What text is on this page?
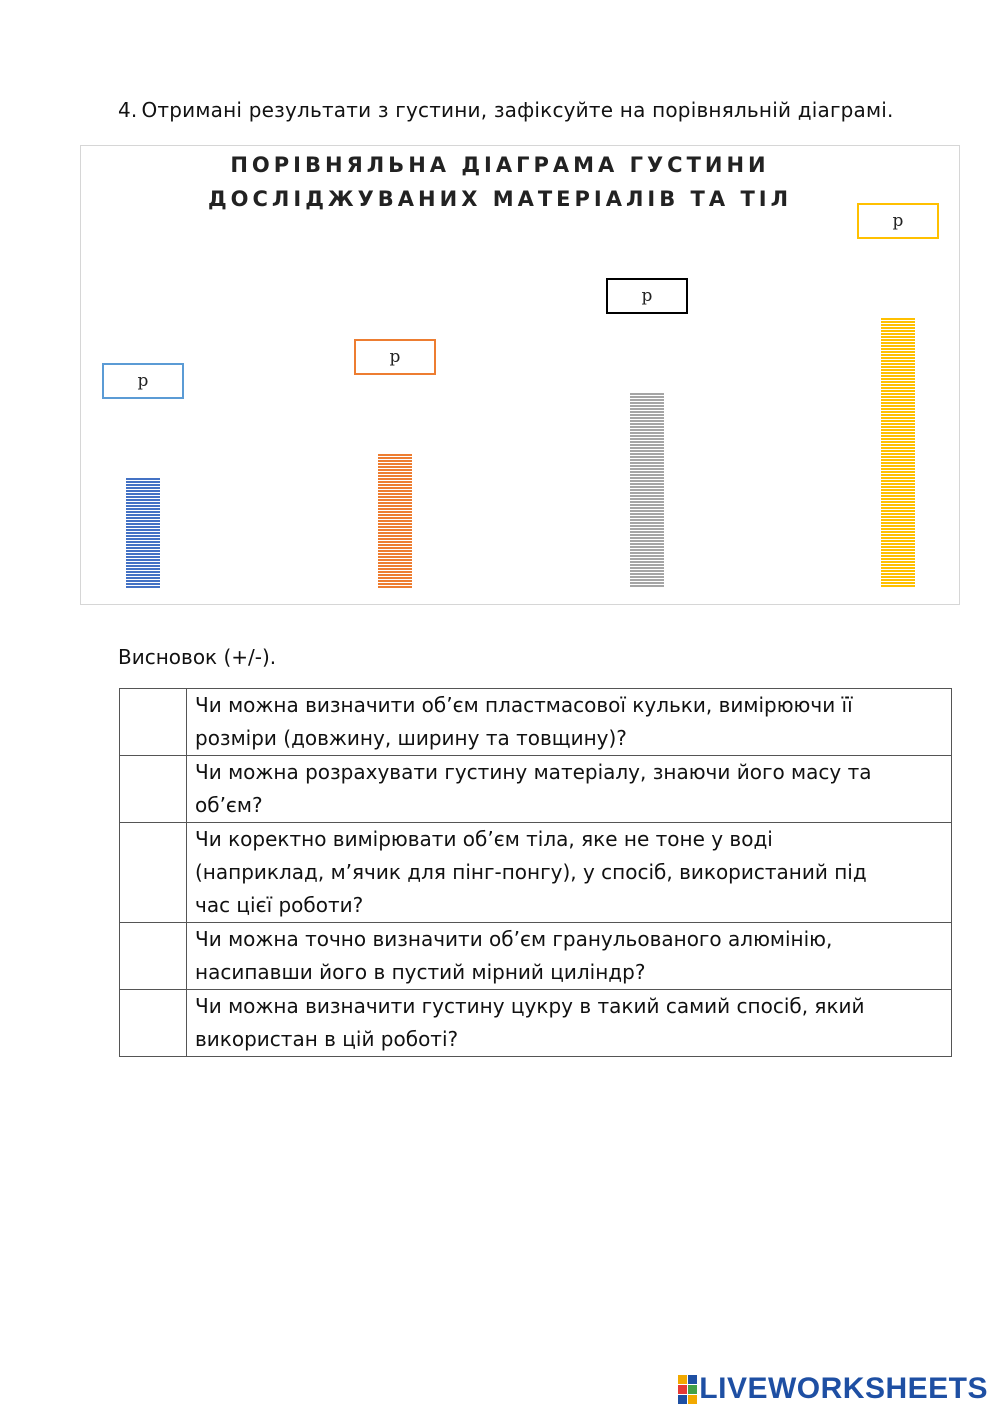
4. Отримані результати з густини, зафіксуйте на порівняльній діаграмі.
ПОРІВНЯЛЬНА ДІАГРАМА ГУСТИНИ
ДОСЛІДЖУВАНИХ МАТЕРІАЛІВ ТА ТІЛ
p
p
p
p
Висновок (+/-).

	Чи можна визначити об’єм пластмасової кульки, вимірюючи її
розміри (довжину, ширину та товщину)?

	Чи можна розрахувати густину матеріалу, знаючи його масу та
об’єм?

	Чи коректно вимірювати об’єм тіла, яке не тоне у воді
(наприклад, м’ячик для пінг-понгу), у спосіб, використаний під
час цієї роботи?

	Чи можна точно визначити об’єм гранульованого алюмінію,
насипавши його в пустий мірний циліндр?

	Чи можна визначити густину цукру в такий самий спосіб, який
використан в цій роботі?
LIVEWORKSHEETS
